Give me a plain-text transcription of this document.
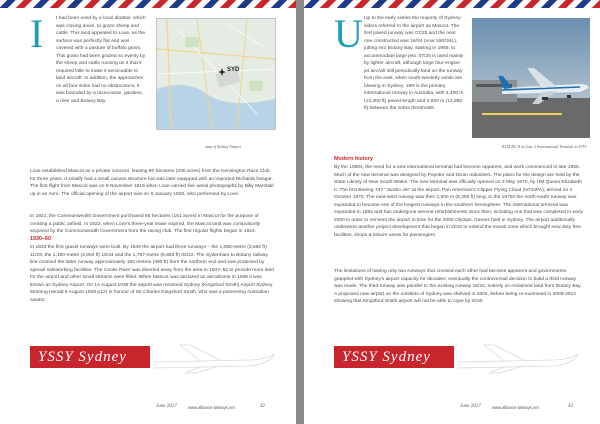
I	t had been used by a local abattoir, which was closing down, to graze sheep and cattle. This land appealed to Love, as the surface was perfectly flat and was covered with a pasture of buffalo grass. This grass had been grazed so evenly by the sheep and cattle running on it that it required little to make it serviceable to land aircraft. In addition, the approaches on all four sides had no obstructions; it was bounded by a racecourse, gardens, a river and Botany Bay.

SYD
map of Sydney Airport

Love established Mascot as a private concern, leasing 80 hectares (200 acres) from the Kensington Race Club for three years. It initially had a small canvas structure but was later equipped with an imported Richards hangar. The first flight from Mascot was on 9 November 1919 when Love carried five aerial photographs by Billy Marshall up in an Avro. The official opening of the airport was on 9 January 1920, also performed by Love.

In 1921, the Commonwealth Government purchased 65 hectares (161 acres) in Mascot for the purpose of creating a public airfield. In 1923, when Love's three-year lease expired, the Mascot land was compulsorily acquired by the Commonwealth Government from the racing club. The first regular flights began in 1924.

1930–60

In 1933 the first gravel runways were built. By 1949 the airport had three runways – the 1,085-metre (3,560 ft) 11/29, the 1,190-metre (3,904 ft) 16/34 and the 1,787-metre (5,863 ft) 04/22. The Sydenham to Botany railway line crossed the latter runway approximately 150 metres (490 ft) from the northern end and was protected by special safeworking facilities. The Cooks River was diverted away from the area in 1947–52 to provide more land for the airport and other small streams were filled. When Mascot was declared an aerodrome in 1936 it was known as Sydney Airport. On 14 August 1936 the airport was renamed Sydney (Kingsford Smith) Airport Sydney Morning Herald 9 August 1938 p12) in honour of Sir Charles Kingsford Smith, who was a pioneering Australian aviator.

YSSY Sydney
June 2017	www.alliance-airways.net	42
U Up to the early sixties the majority of Sydney-siders referred to the airport as Mascot. The first paved runway was 07/25 and the next one constructed was 16/34 (now 16R/34L), jutting into Botany Bay, starting in 1959, to accommodate large jets. 07/25 is used mainly by lighter aircraft, although large four-engine jet aircraft still periodically land on the runway from the east, when south-westerly winds are blowing in Sydney. 16R is the primary international runway in Australia, with 4,400 m (14,300 ft) paved length and 3,920 m (12,850 ft) between the zebra thresholds.

KLM DC-8 at Gate 2 International Terminal in 1973
Modern history

By the 1960s, the need for a new international terminal had become apparent, and work commenced in late 1966. Much of the new terminal was designed by Paynter and Dixon Industries. The plans for the design are held by the State Library of New South Wales. The new terminal was officially opened on 3 May 1970, by HM Queen Elizabeth II. The first Boeing 747 "Jumbo Jet" at the airport, Pan American's Clipper Flying Cloud (N734PA), arrived on 4 October 1970. The east-west runway was then 2,500 m (8,300 ft) long; in the 1970s the north-south runway was expanded to become one of the longest runways in the southern hemisphere. The international terminal was expanded in 1992 and has undergone several refurbishments since then, including one that was completed in early 2000 in order to reinvent the airport in time for the 2000 Olympic Games held in Sydney. The airport additionally underwent another project development that began in 2010 to extend the transit zone which brought new duty free facilities, shops & leisure areas for passengers.

The limitations of having only two runways that crossed each other had become apparent and governments grappled with Sydney's airport capacity for decades; eventually the controversial decision to build a third runway was made. The third runway was parallel to the existing runway 16/34, entirely on reclaimed land from Botany Bay. A proposed new airport on the outskirts of Sydney was shelved in 2004, before being re-examined in 2009-2012 showing that Kingsford Smith airport will not be able to cope by 2030.

YSSY Sydney
June 2017	www.alliance-airways.net	43
